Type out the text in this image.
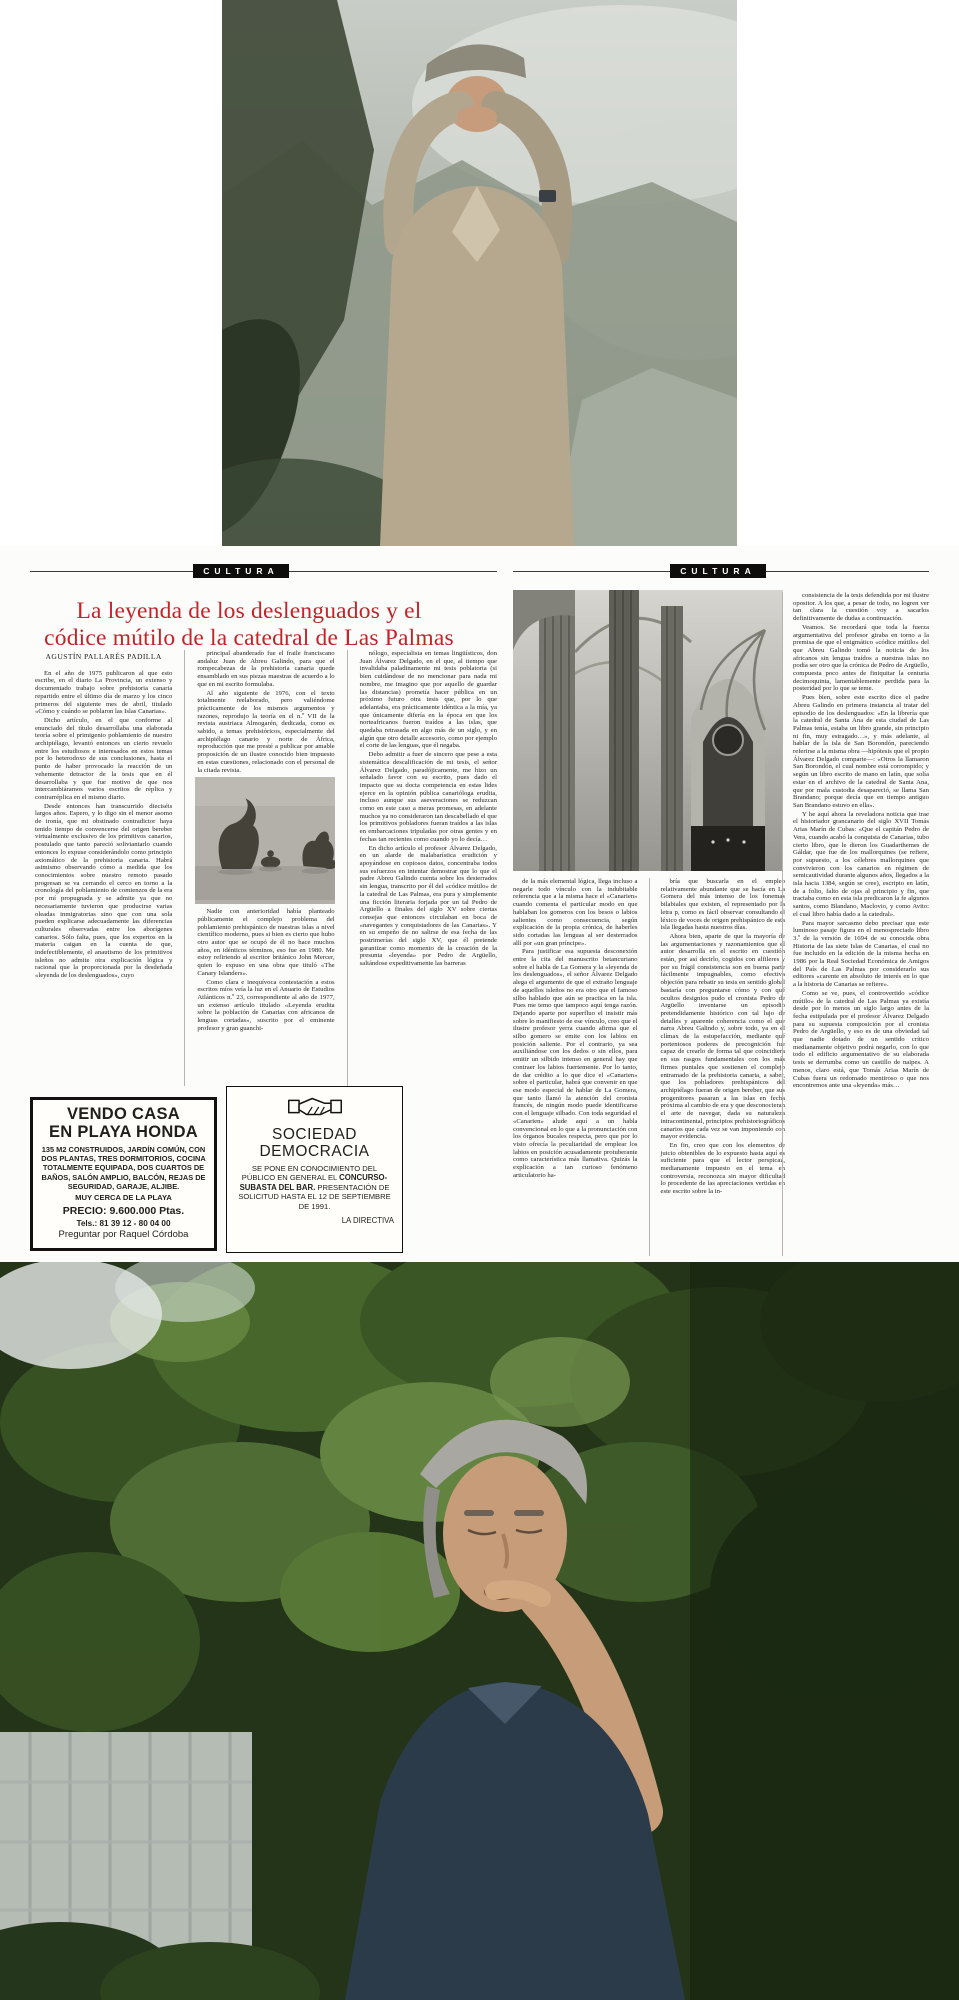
CULTURA	CULTURA
La leyenda de los deslenguados y el
códice mútilo de la catedral de Las Palmas
AGUSTÍN PALLARÉS PADILLA

En el año de 1975 publicaron al que esto escribe, en el diario La Provincia, un extenso y documentado trabajo sobre prehistoria canaria repartido entre el último día de marzo y los cinco primeros del siguiente mes de abril, titulado «Cómo y cuándo se poblaron las Islas Canarias».

Dicho artículo, en el que conforme al enunciado del título desarrollaba una elaborada teoría sobre el primigenio poblamiento de nuestro archipiélago, levantó entonces un cierto revuelo entre los estudiosos e interesados en estos temas por lo heterodoxo de sus conclusiones, hasta el punto de haber provocado la reacción de un vehemente detractor de la tesis que en él desarrollaba y que fue motivo de que nos intercambiáramos varios escritos de réplica y contrarréplica en el mismo diario.

Desde entonces han transcurrido dieciséis largos años. Espero, y lo digo sin el menor asomo de ironía, que mi obstinado contradictor haya tenido tiempo de convencerse del origen bereber virtualmente exclusivo de los primitivos canarios, postulado que tanto pareció soliviantarlo cuando entonces lo expuse considerándolo como principio axiomático de la prehistoria canaria. Habrá asimismo observando cómo a medida que los conocimientos sobre nuestro remoto pasado progresan se va cerrando el cerco en torno a la cronología del poblamiento de comienzos de la era por mí propugnada y se admite ya que no necesariamente tuvieron que producirse varias oleadas inmigratorias sino que con una sola pueden explicarse adecuadamente las diferencias culturales observadas entre los aborígenes canarios. Sólo falta, pues, que los expertos en la materia caigan en la cuenta de que, indefectiblemente, el anautismo de los primitivos isleños no admite otra explicación lógica y racional que la proporcionada por la desdeñada «leyenda de los deslenguados», cuyo

principal abanderado fue el fraile franciscano andaluz Juan de Abreu Galindo, para que el rompecabezas de la prehistoria canaria quede ensamblado en sus piezas maestras de acuerdo a lo que en mi escrito formulaba.

Al año siguiente de 1976, con el texto totalmente reelaborado, pero valiéndome prácticamente de los mismos argumentos y razones, reprodujo la teoría en el n.º VII de la revista austriaca Almogarén, dedicada, como es sabido, a temas prehistóricos, especialmente del archipiélago canario y norte de África, reproducción que me presté a publicar por amable proposición de un ilustre conocido bien impuesto en estas cuestiones, relacionado con el personal de la citada revista.

Nadie con anterioridad había planteado públicamente el complejo problema del poblamiento prehispánico de nuestras islas a nivel científico moderno, pues si bien es cierto que hubo otro autor que se ocupó de él no hace muchos años, en idénticos términos, eso fue en 1980. Me estoy refiriendo al escritor británico John Mercer, quien lo expuso en una obra que tituló «The Canary Islanders».

Como clara e inequívoca contestación a estos escritos míos veía la luz en el Anuario de Estudios Atlánticos n.º 23, correspondiente al año de 1977, un extenso artículo titulado «Leyenda erudita sobre la población de Canarias con africanos de lenguas cortadas», suscrito por el eminente profesor y gran guanchi-

nólogo, especialista en temas lingüísticos, don Juan Álvarez Delgado, en el que, al tiempo que invalidaba paladinamente mi tesis poblatoria (si bien cuidándose de no mencionar para nada mi nombre, me imagino que por aquello de guardar las distancias) prometía hacer pública en un próximo futuro otra tesis que, por lo que adelantaba, era prácticamente idéntica a la mía, ya que únicamente difería en la época en que los norteafricanos fueron traídos a las islas, que quedaba retrasada en algo más de un siglo, y en algún que otro detalle accesorio, como por ejemplo el corte de las lenguas, que él negaba.

Debo admitir a fuer de sincero que pese a esta sistemática descalificación de mi tesis, el señor Álvarez Delgado, paradójicamente, me hizo un señalado favor con su escrito, pues dado el impacto que su docta competencia en estas lides ejerce en la opinión pública canarióloga erudita, incluso aunque sus aseveraciones se reduzcan como en este caso a meras promesas, en adelante muchos ya no consideraron tan descabellado el que los primitivos pobladores fueran traídos a las islas en embarcaciones tripuladas por otras gentes y en fechas tan recientes como cuando yo lo decía…

En dicho artículo el profesor Álvarez Delgado, en un alarde de malabarística erudición y apoyándose en copiosos datos, concentraba todos sus esfuerzos en intentar demostrar que lo que el padre Abreu Galindo cuenta sobre los desterrados sin lengua, transcrito por él del «códice mútilo» de la catedral de Las Palmas, era pura y simplemente una ficción literaria forjada por un tal Pedro de Argüello a finales del siglo XV sobre ciertas consejas que entonces circulaban en boca de «navegantes y conquistadores de las Canarias». Y en su empeño de no salirse de esa fecha de las postrimerías del siglo XV, que él pretende garantizar como momento de la creación de la presunta «leyenda» por Pedro de Argüello, saltándose expeditivamente las barreras

VENDO CASA
EN PLAYA HONDA
135 M2 CONSTRUIDOS, JARDÍN COMÚN, CON DOS PLANTAS, TRES DORMITORIOS, COCINA TOTALMENTE EQUIPADA, DOS CUARTOS DE BAÑOS, SALÓN AMPLIO, BALCÓN, REJAS DE SEGURIDAD, GARAJE, ALJIBE.
MUY CERCA DE LA PLAYA
PRECIO: 9.600.000 Ptas.
Tels.: 81 39 12 - 80 04 00
Preguntar por Raquel Córdoba
SOCIEDAD
DEMOCRACIA
SE PONE EN CONOCIMIENTO DEL PÚBLICO EN GENERAL EL CONCURSO-SUBASTA DEL BAR. PRESENTACIÓN DE SOLICITUD HASTA EL 12 DE SEPTIEMBRE DE 1991.
LA DIRECTIVA

de la más elemental lógica, llega incluso a negarle todo vínculo con la indubitable referencia que a la misma hace el «Canarien» cuando comenta el particular modo en que hablaban los gomeros con los besos o labios salientes como consecuencia, según explicación de la propia crónica, de haberles sido cortadas las lenguas al ser desterrados allí por «un gran príncipe».

Para justificar esa supuesta desconexión entre la cita del manuscrito betancuriano sobre el habla de La Gomera y la «leyenda de los deslenguados», el señor Álvarez Delgado alega el argumento de que el extraño lenguaje de aquellos isleños no era otro que el famoso silbo hablado que aún se practica en la isla. Pues me temo que tampoco aquí tenga razón. Dejando aparte por superfluo el insistir más sobre lo manifiesto de ese vínculo, creo que el ilustre profesor yerra cuando afirma que el silbo gomero se emite con los labios en posición saliente. Por el contrario, ya sea auxiliándose con los dedos o sin ellos, para emitir un silbido intenso en general hay que contraer los labios fuertemente. Por lo tanto, de dar crédito a lo que dice el «Canarien» sobre el particular, habrá que convenir en que ese modo especial de hablar de La Gomera, que tanto llamó la atención del cronista francés, de ningún modo puede identificarse con el lenguaje silbado. Con toda seguridad el «Canarien» alude aquí a un habla convencional en lo que a la pronunciación con los órganos bucales respecta, pero que por lo visto ofrecía la peculiaridad de emplear los labios en posición acusadamente protuberante como característica más llamativa. Quizás la explicación a tan curioso fenómeno articulatorio ha-

bría que buscarla en el empleo relativamente abundante que se hacía en La Gomera del más intenso de los fonemas bilabiales que existen, el representado por la letra p, como es fácil observar consultando el léxico de voces de origen prehispánico de esta isla llegadas hasta nuestros días.

Ahora bien, aparte de que la mayoría de las argumentaciones y razonamientos que el autor desarrolla en el escrito en cuestión están, por así decirlo, cogidos con alfileres y por su frágil consistencia son en buena parte fácilmente impugnables, como efectiva objeción para rebatir su tesis en sentido global bastaría con preguntarse cómo y con qué ocultos designios pudo el cronista Pedro de Argüello inventarse un episodio pretendidamente histórico con tal lujo de detalles y aparente coherencia como el que narra Abreu Galindo y, sobre todo, ya en el clímax de la estupefacción, mediante qué portentosos poderes de precognición fue capaz de crearlo de forma tal que coincidiera en sus rasgos fundamentales con los más firmes puntales que sostienen el complejo entramado de la prehistoria canaria, a saber, que los pobladores prehispánicos del archipiélago fueran de origen bereber, que sus progenitores pasaran a las islas en fecha próxima al cambio de era y que desconocieran el arte de navegar, dada su naturaleza intracontinental, principios prehistoriográficos canarios que cada vez se van imponiendo con mayor evidencia.

En fin, creo que con los elementos de juicio obtenibles de lo expuesto hasta aquí es suficiente para que el lector perspicaz, medianamente impuesto en el tema en controversia, reconozca sin mayor dificultad lo procedente de las apreciaciones vertidas en este escrito sobre la in-

consistencia de la tesis defendida por mi ilustre opositor. A los que, a pesar de todo, no logren ver tan clara la cuestión voy a sacarlos definitivamente de dudas a continuación.

Veamos. Se recordará que toda la fuerza argumentativa del profesor giraba en torno a la premisa de que el enigmático «códice mútilo» del que Abreu Galindo tomó la noticia de los africanos sin lengua traídos a nuestras islas no podía ser otro que la crónica de Pedro de Argüello, compuesta poco antes de finiquitar la centuria decimoquinta, lamentablemente perdida para la posteridad por lo que se teme.

Pues bien, sobre este escrito dice el padre Abreu Galindo en primera instancia al tratar del episodio de los deslenguados: «En la librería que la catedral de Santa Ana de esta ciudad de Las Palmas tenía, estaba un libro grande, sin principio ni fin, muy estragado…», y más adelante, al hablar de la isla de San Borondón, pareciendo referirse a la misma obra —hipótesis que el propio Álvarez Delgado comparte—: «Otros la llamaron San Borondón, el cual nombre está corrompido; y según un libro escrito de mano en latín, que solía estar en el archivo de la catedral de Santa Ana, que por mala custodia desapareció, se llama San Brandano; porque decía que en tiempo antiguo San Brandano estuvo en ella».

Y he aquí ahora la reveladora noticia que trae el historiador grancanario del siglo XVII Tomás Arias Marín de Cubas: «Que el capitán Pedro de Vera, cuando acabó la conquista de Canarias, tubo cierto libro, que le dieron los Guadarthemes de Gáldar, que fue de los mallorquines (se refiere, por supuesto, a los célebres mallorquines que convivieron con los canarios en régimen de semicautividad durante algunos años, llegados a la isla hacia 1384, según se cree), escripto en latín, de a folio, falto de ojas al principio y fin, que tractaba como en esta isla predicaron la fe algunos santos, como Blandano, Maclovio, y como Avito: el cual libro había dado a la catedral».

Para mayor sarcasmo debo precisar que este luminoso pasaje figura en el menospreciado libro 3.º de la versión de 1694 de su conocida obra Historia de las siete Islas de Canarias, el cual no fue incluido en la edición de la misma hecha en 1986 por la Real Sociedad Económica de Amigos del País de Las Palmas por considerarlo sus editores «carente en absoluto de interés en lo que a la historia de Canarias se refiere».

Como se ve, pues, el controvertido «códice mútilo» de la catedral de Las Palmas ya existía desde por lo menos un siglo largo antes de la fecha estipulada por el profesor Álvarez Delgado para su supuesta composición por el cronista Pedro de Argüello, y eso es de una obviedad tal que nadie dotado de un sentido crítico medianamente objetivo podrá negarlo, con lo que todo el edificio argumentativo de su elaborada tesis se derrumba como un castillo de naipes. A menos, claro está, que Tomás Arias Marín de Cubas fuera un redomado mentiroso o que nos encontremos ante una «leyenda» más…
